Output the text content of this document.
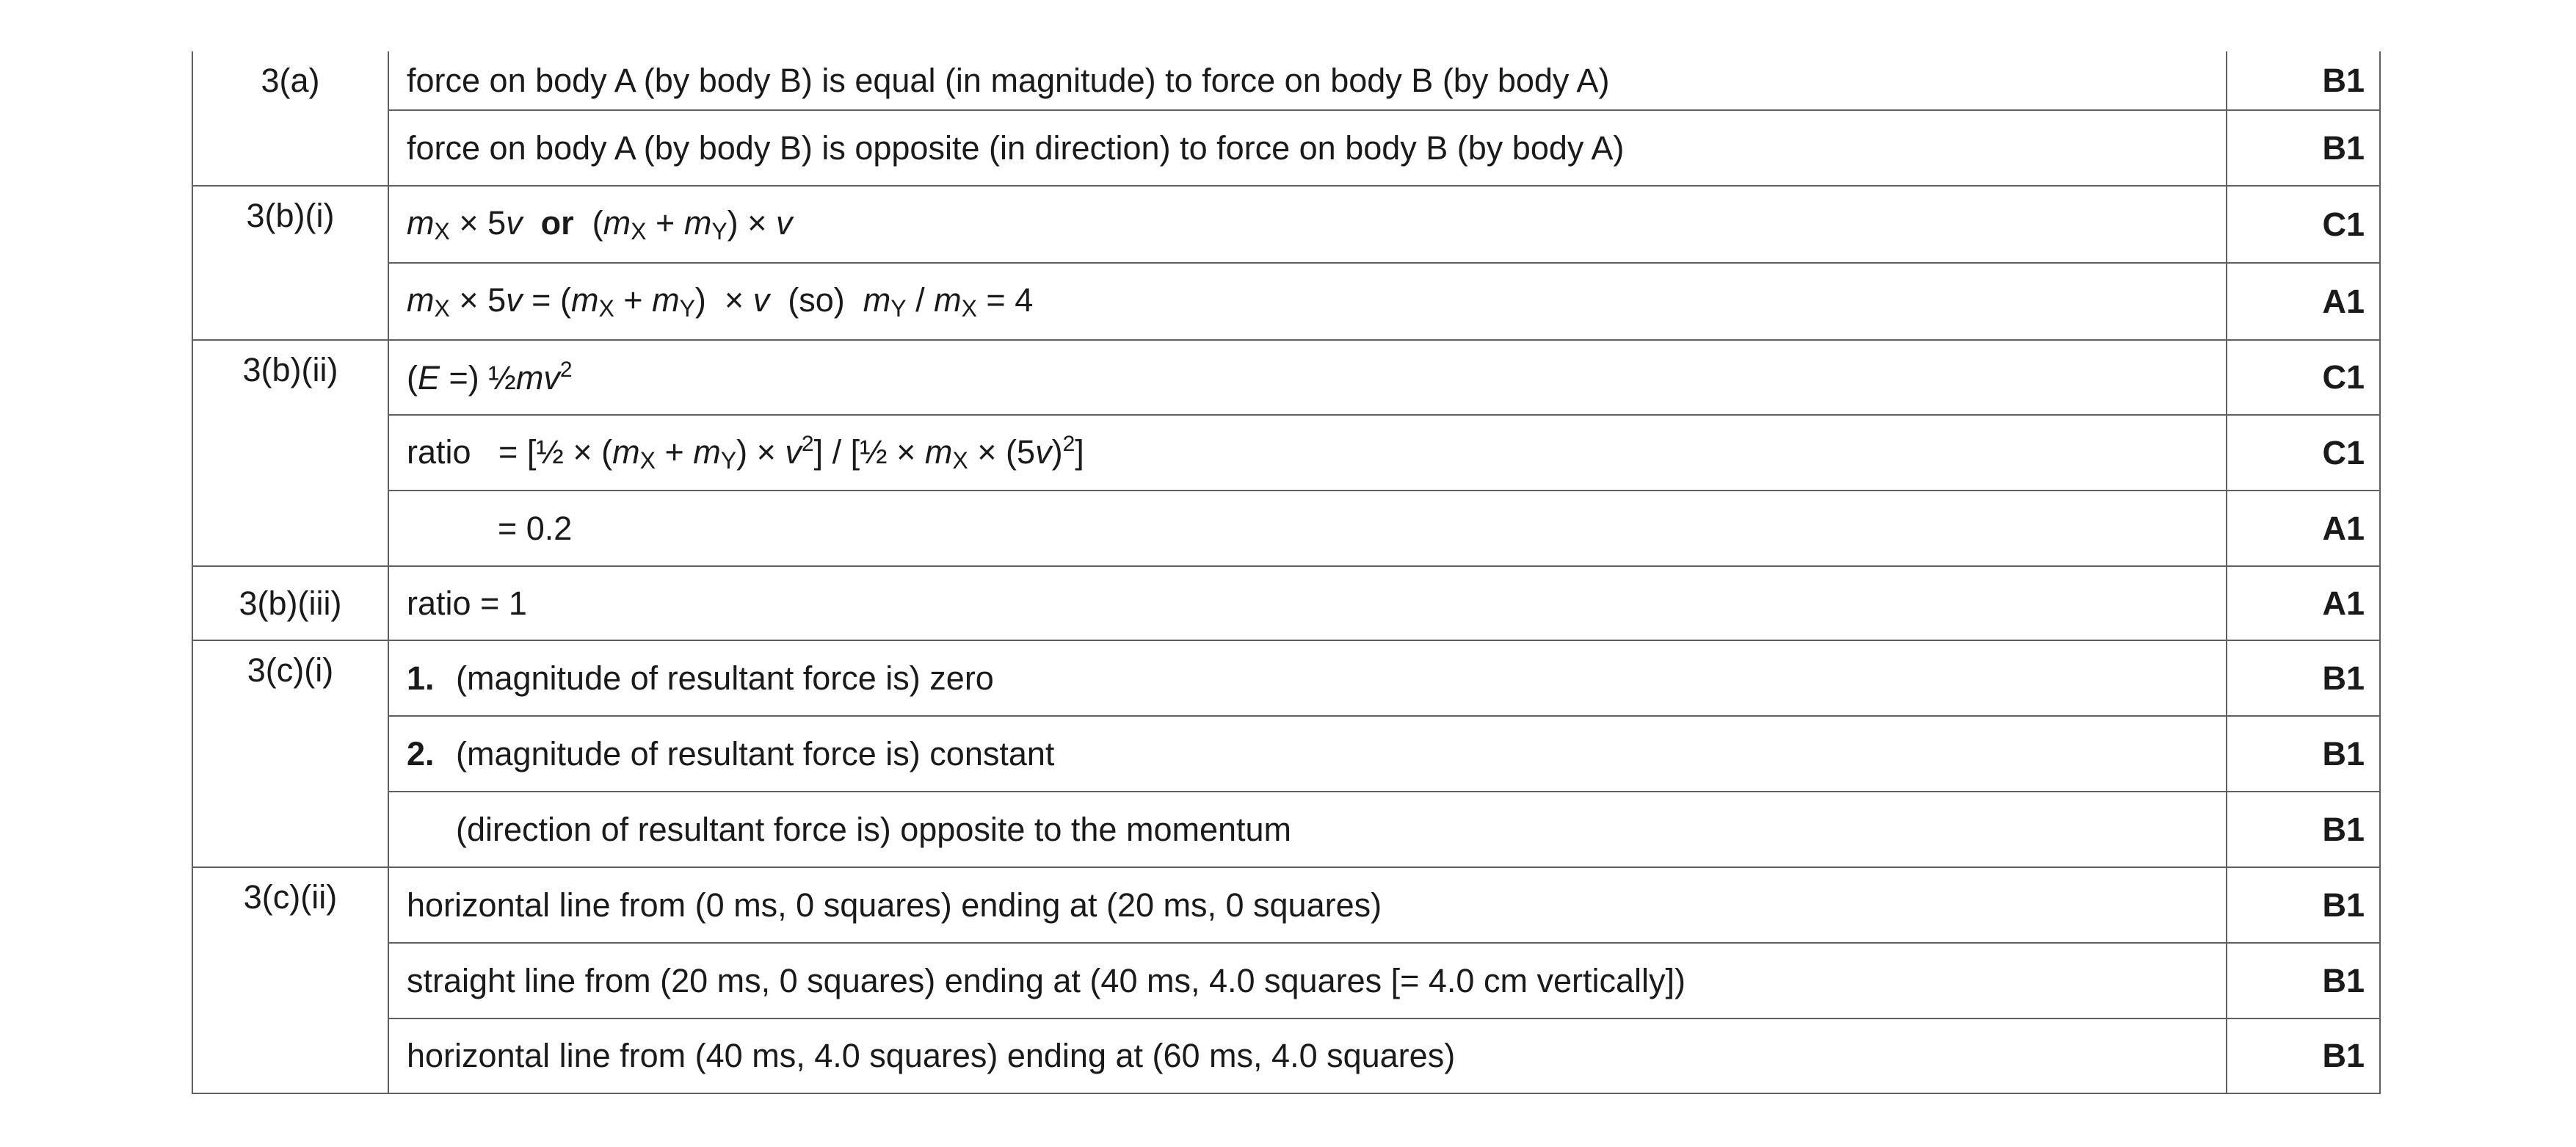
3(a)	force on body A (by body B) is equal (in magnitude) to force on body B (by body A)	B1
	force on body A (by body B) is opposite (in direction) to force on body B (by body A)	B1
3(b)(i)	$m_X \times 5v$ or  $(m_X + m_Y) \times v$	C1
	$m_X \times 5v = (m_X + m_Y) \times v$  (so)  $m_Y / m_X = 4$	A1
3(b)(ii)	(E =) $\frac{1}{2}mv^2$	C1
	ratio   = [½ × $(m_X + m_Y) \times v^2$] / [½ × $m_X \times (5v)^2$]	C1
	= 0.2	A1
3(b)(iii)	ratio = 1	A1
3(c)(i)	1. (magnitude of resultant force is) zero	B1
	2. (magnitude of resultant force is) constant	B1
	(direction of resultant force is) opposite to the momentum	B1
3(c)(ii)	horizontal line from (0 ms, 0 squares) ending at (20 ms, 0 squares)	B1
	straight line from (20 ms, 0 squares) ending at (40 ms, 4.0 squares [= 4.0 cm vertically])	B1
	horizontal line from (40 ms, 4.0 squares) ending at (60 ms, 4.0 squares)	B1
